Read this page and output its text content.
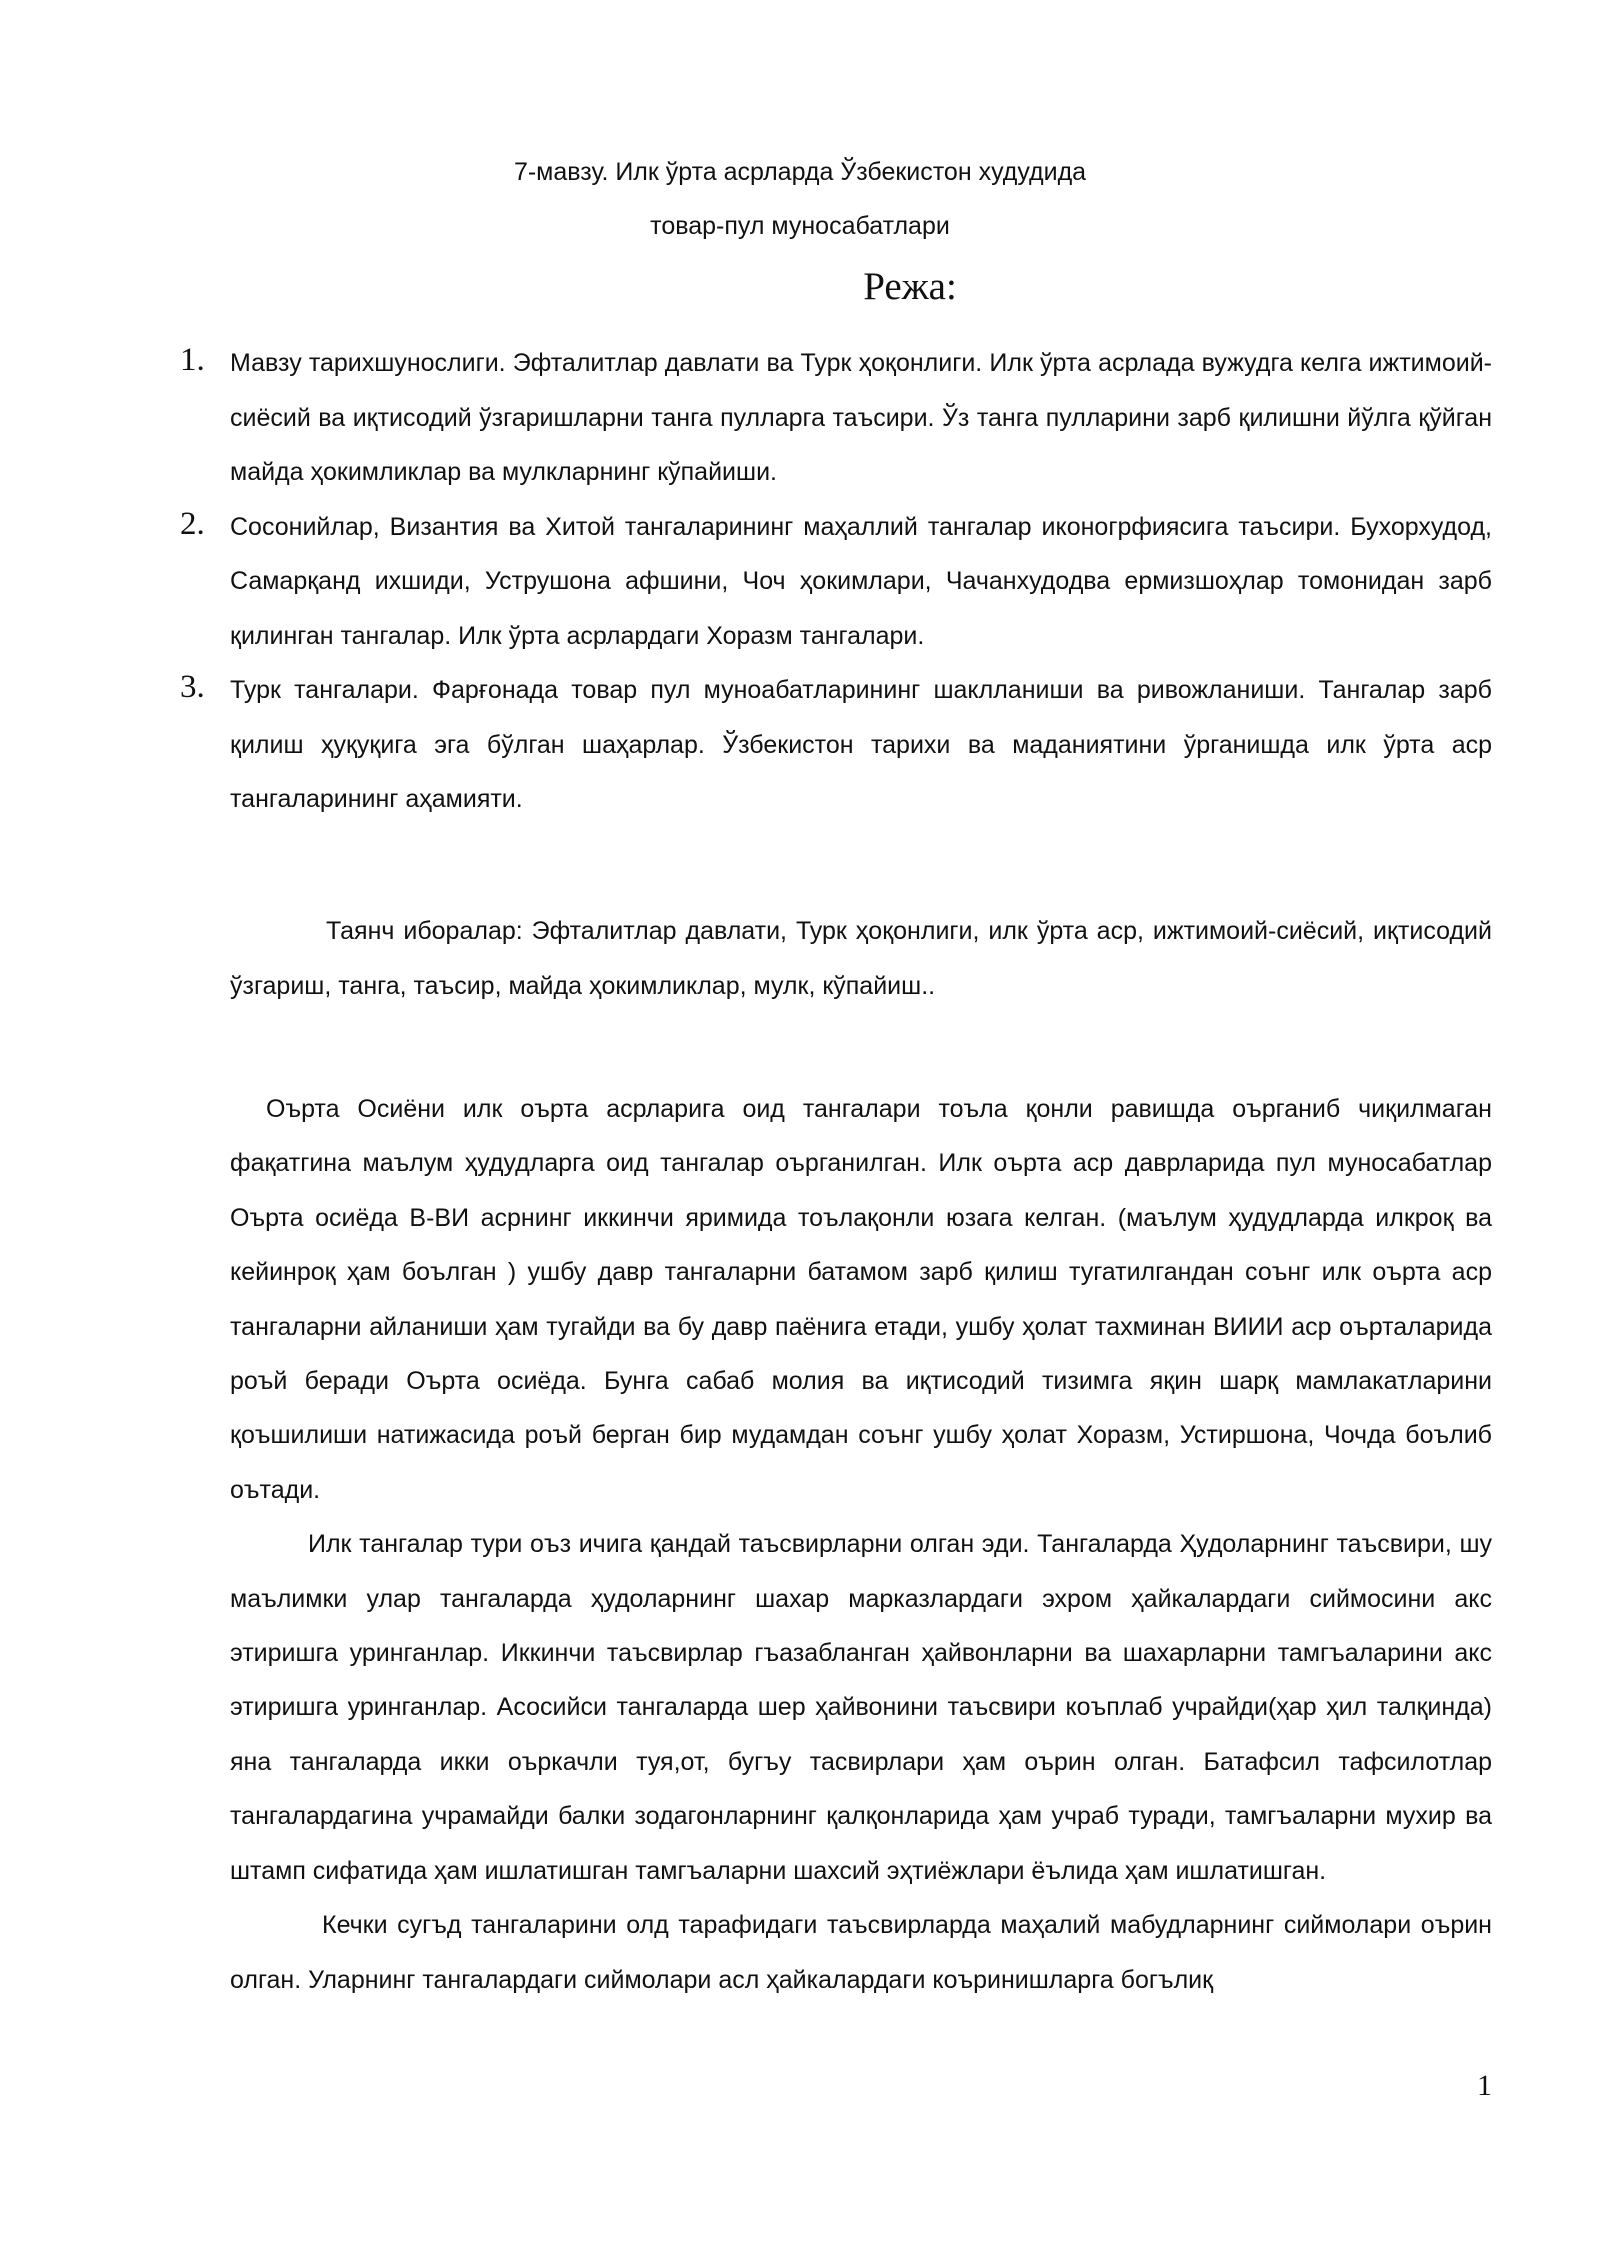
7-мавзу. Илк ўрта асрларда Ўзбекистон худудида
товар-пул муносабатлари
Режа:
1. Мавзу тарихшунослиги. Эфталитлар давлати ва Турк ҳоқонлиги. Илк ўрта асрлада вужудга келга ижтимоий-сиёсий ва иқтисодий ўзгаришларни танга пулларга таъсири. Ўз танга пулларини зарб қилишни йўлга қўйган майда ҳокимликлар ва мулкларнинг кўпайиши.
2. Сосонийлар, Византия ва Хитой тангаларининг маҳаллий тангалар иконогрфиясига таъсири. Бухорхудод, Самарқанд ихшиди, Уструшона афшини, Чоч ҳокимлари, Чачанхудодва ермизшоҳлар томонидан зарб қилинган тангалар. Илк ўрта асрлардаги Хоразм тангалари.
3. Турк тангалари. Фарғонада товар пул муноабатларининг шаклланиши ва ривожланиши. Тангалар зарб қилиш ҳуқуқига эга бўлган шаҳарлар. Ўзбекистон тарихи ва маданиятини ўрганишда илк ўрта аср тангаларининг аҳамияти.
Таянч иборалар: Эфталитлар давлати, Турк ҳоқонлиги, илк ўрта аср, ижтимоий-сиёсий, иқтисодий ўзгариш, танга, таъсир, майда ҳокимликлар, мулк, кўпайиш..

Оърта Осиёни илк оърта асрларига оид тангалари тоъла қонли равишда оърганиб чиқилмаган фақатгина маълум ҳудудларга оид тангалар оърганилган. Илк оърта аср даврларида пул муносабатлар Оърта осиёда В-ВИ асрнинг иккинчи яримида тоълақонли юзага келган. (маълум ҳудудларда илкроқ ва кейинроқ ҳам боълган ) ушбу давр тангаларни батамом зарб қилиш тугатилгандан соънг илк оърта аср тангаларни айланиши ҳам тугайди ва бу давр паёнига етади, ушбу ҳолат тахминан ВИИИ аср оърталарида роъй беради Оърта осиёда. Бунга сабаб молия ва иқтисодий тизимга яқин шарқ мамлакатларини қоъшилиши натижасида роъй берган бир мудамдан соънг ушбу ҳолат Хоразм, Устиршона, Чочда боълиб оътади.

Илк тангалар тури оъз ичига қандай таъсвирларни олган эди. Тангаларда Ҳудоларнинг таъсвири, шу маълимки улар тангаларда ҳудоларнинг шахар марказлардаги эхром ҳайкалардаги сиймосини акс этиришга уринганлар. Иккинчи таъсвирлар гъазабланган ҳайвонларни ва шахарларни тамгъаларини акс этиришга уринганлар. Асосийси тангаларда шер ҳайвонини таъсвири коъплаб учрайди(ҳар ҳил талқинда) яна тангаларда икки оъркачли туя,от, бугъу тасвирлари ҳам оърин олган. Батафсил тафсилотлар тангалардагина учрамайди балки зодагонларнинг қалқонларида ҳам учраб туради, тамгъаларни мухир ва штамп сифатида ҳам ишлатишган тамгъаларни шахсий эҳтиёжлари ёълида ҳам ишлатишган.

Кечки сугъд тангаларини олд тарафидаги таъсвирларда маҳалий мабудларнинг сиймолари оърин олган. Уларнинг тангалардаги сиймолари асл ҳайкалардаги коъринишларга богълиқ

1
